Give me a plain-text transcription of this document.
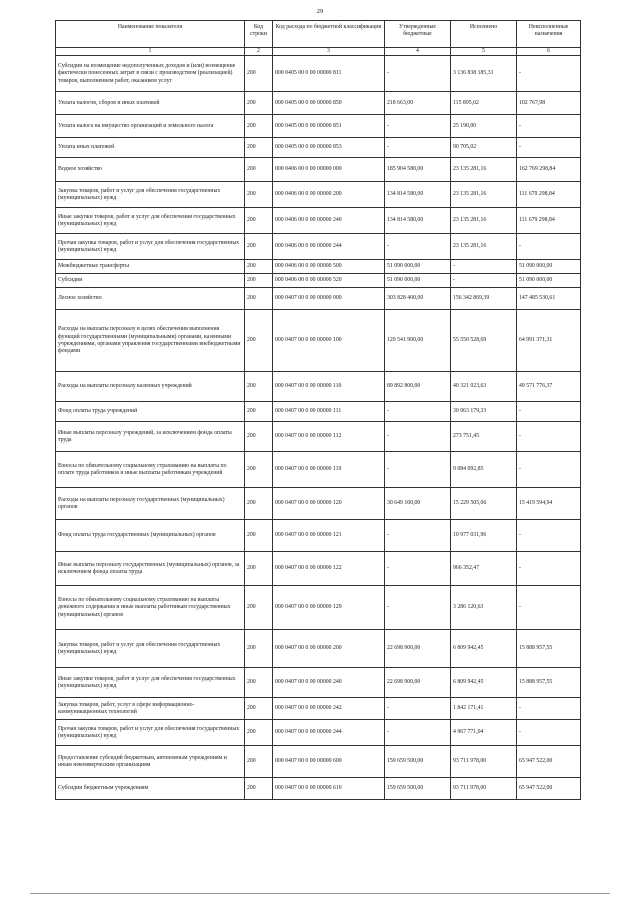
29
Наименование показателя	Код строки	Код расхода по бюджетной классификации	Утвержденные бюджетные	Исполнено	Неисполненные назначения
1	2	3	4	5	6
Субсидии на возмещение недополученных доходов и (или) возмещение фактически понесенных затрат в связи с производством (реализацией) товаров, выполнением работ, оказанием услуг	200	000 0405 00 0 00 00000 811	-	3 136 838 185,31	-
Уплата налогов, сборов и иных платежей	200	000 0405 00 0 00 00000 850	218 663,00	115 895,02	102 767,98
Уплата налога на имущество организаций и земельного налога	200	000 0405 00 0 00 00000 851	-	25 190,00	-
Уплата иных платежей	200	000 0405 00 0 00 00000 853	-	90 705,02	-
Водное хозяйство	200	000 0406 00 0 00 00000 000	185 904 580,00	23 135 281,16	162 769 298,84
Закупка товаров, работ и услуг для обеспечения государственных (муниципальных) нужд	200	000 0406 00 0 00 00000 200	134 814 580,00	23 135 281,16	111 679 298,84
Иные закупки товаров, работ и услуг для обеспечения государственных (муниципальных) нужд	200	000 0406 00 0 00 00000 240	134 814 580,00	23 135 281,16	111 679 298,84
Прочая закупка товаров, работ и услуг для обеспечения государственных (муниципальных) нужд	200	000 0406 00 0 00 00000 244	-	23 135 281,16	-
Межбюджетные трансферты	200	000 0406 00 0 00 00000 500	51 090 000,00	-	51 090 000,00
Субсидии	200	000 0406 00 0 00 00000 520	51 090 000,00	-	51 090 000,00
Лесное хозяйство	200	000 0407 00 0 00 00000 000	303 828 400,00	156 342 869,39	147 485 530,61
Расходы на выплаты персоналу в целях обеспечения выполнения функций государственными (муниципальными) органами, казенными учреждениями, органами управления государственными внебюджетными фондами	200	000 0407 00 0 00 00000 100	120 541 900,00	55 550 528,69	64 991 371,31
Расходы на выплаты персоналу казенных учреждений	200	000 0407 00 0 00 00000 110	89 892 800,00	40 321 023,63	49 571 776,37
Фонд оплаты труда учреждений	200	000 0407 00 0 00 00000 111	-	30 963 179,33	-
Иные выплаты персоналу учреждений, за исключением фонда оплаты труда	200	000 0407 00 0 00 00000 112	-	273 751,45	-
Взносы по обязательному социальному страхованию на выплаты по оплате труда работников и иные выплаты работникам учреждений	200	000 0407 00 0 00 00000 119	-	9 084 092,85	-
Расходы на выплаты персоналу государственных (муниципальных) органов	200	000 0407 00 0 00 00000 120	30 649 100,00	15 229 505,06	15 419 594,94
Фонд оплаты труда государственных (муниципальных) органов	200	000 0407 00 0 00 00000 121	-	10 977 031,96	-
Иные выплаты персоналу государственных (муниципальных) органов, за исключением фонда оплаты труда	200	000 0407 00 0 00 00000 122	-	966 352,47	-
Взносы по обязательному социальному страхованию на выплаты денежного содержания и иные выплаты работникам государственных (муниципальных) органов	200	000 0407 00 0 00 00000 129	-	3 286 120,63	-
Закупка товаров, работ и услуг для обеспечения государственных (муниципальных) нужд	200	000 0407 00 0 00 00000 200	22 698 900,00	6 809 942,45	15 888 957,55
Иные закупки товаров, работ и услуг для обеспечения государственных (муниципальных) нужд	200	000 0407 00 0 00 00000 240	22 698 900,00	6 809 942,45	15 888 957,55
Закупка товаров, работ, услуг в сфере информационно-коммуникационных технологий	200	000 0407 00 0 00 00000 242	-	1 842 171,41	-
Прочая закупка товаров, работ и услуг для обеспечения государственных (муниципальных) нужд	200	000 0407 00 0 00 00000 244	-	4 967 771,04	-
Предоставление субсидий бюджетным, автономным учреждениям и иным некоммерческим организациям	200	000 0407 00 0 00 00000 600	159 659 500,00	93 711 978,00	65 947 522,00
Субсидии бюджетным учреждениям	200	000 0407 00 0 00 00000 610	159 659 500,00	93 711 978,00	65 947 522,00
